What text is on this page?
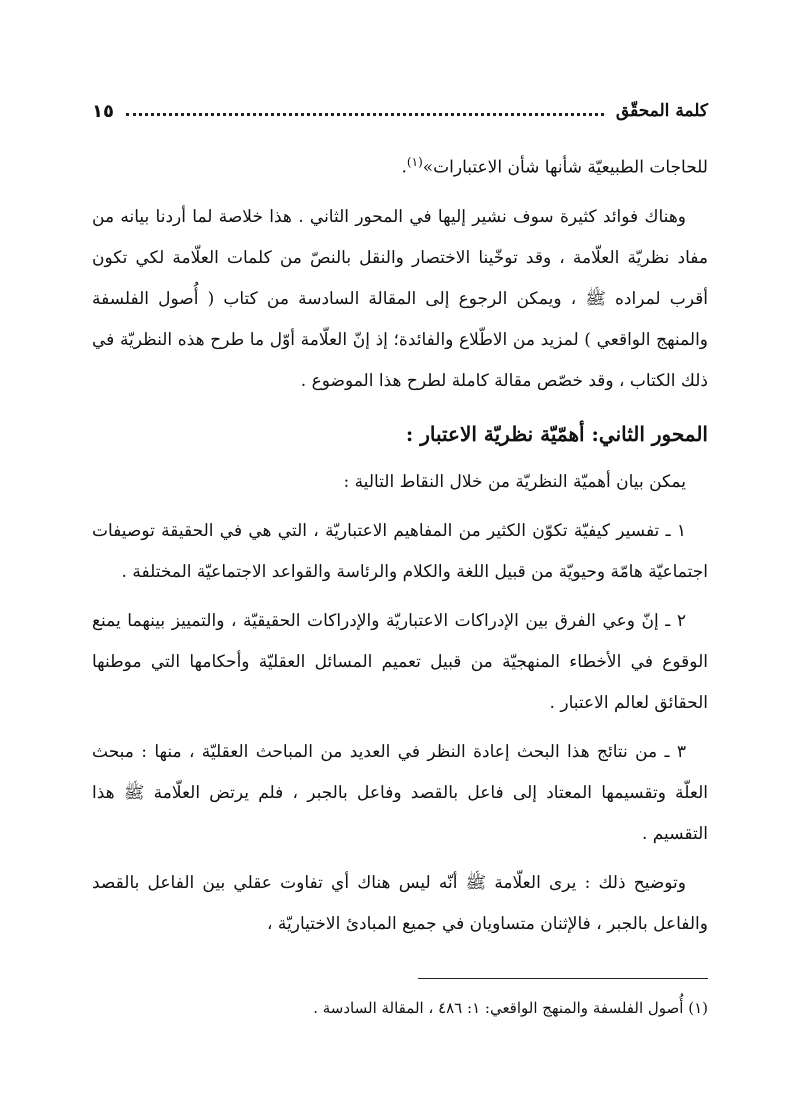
كلمة المحقّق
١٥

للحاجات الطبيعيّة شأنها شأن الاعتبارات»$^{(١)}$.

وهناك فوائد كثيرة سوف نشير إليها في المحور الثاني . هذا خلاصة لما أردنا بيانه من مفاد نظريّة العلّامة ، وقد توخّينا الاختصار والنقل بالنصّ من كلمات العلّامة لكي تكون أقرب لمراده ﷺ ، ويمكن الرجوع إلى المقالة السادسة من كتاب ( أُصول الفلسفة والمنهج الواقعي ) لمزيد من الاطّلاع والفائدة؛ إذ إنّ العلّامة أوّل ما طرح هذه النظريّة في ذلك الكتاب ، وقد خصّص مقالة كاملة لطرح هذا الموضوع .

المحور الثاني: أهمّيّة نظريّة الاعتبار :

يمكن بيان أهميّة النظريّة من خلال النقاط التالية :

١ ـ تفسير كيفيّة تكوّن الكثير من المفاهيم الاعتباريّة ، التي هي في الحقيقة توصيفات اجتماعيّة هامّة وحيويّة من قبيل اللغة والكلام والرئاسة والقواعد الاجتماعيّة المختلفة .

٢ ـ إنّ وعي الفرق بين الإدراكات الاعتباريّة والإدراكات الحقيقيّة ، والتمييز بينهما يمنع الوقوع في الأخطاء المنهجيّة من قبيل تعميم المسائل العقليّة وأحكامها التي موطنها الحقائق لعالم الاعتبار .

٣ ـ من نتائج هذا البحث إعادة النظر في العديد من المباحث العقليّة ، منها : مبحث العلّة وتقسيمها المعتاد إلى فاعل بالقصد وفاعل بالجبر ، فلم يرتض العلّامة ﷺ هذا التقسيم .

وتوضيح ذلك : يرى العلّامة ﷺ أنّه ليس هناك أي تفاوت عقلي بين الفاعل بالقصد والفاعل بالجبر ، فالإثنان متساويان في جميع المبادئ الاختياريّة ،

(١) أُصول الفلسفة والمنهج الواقعي: ١: ٤٨٦ ، المقالة السادسة .
